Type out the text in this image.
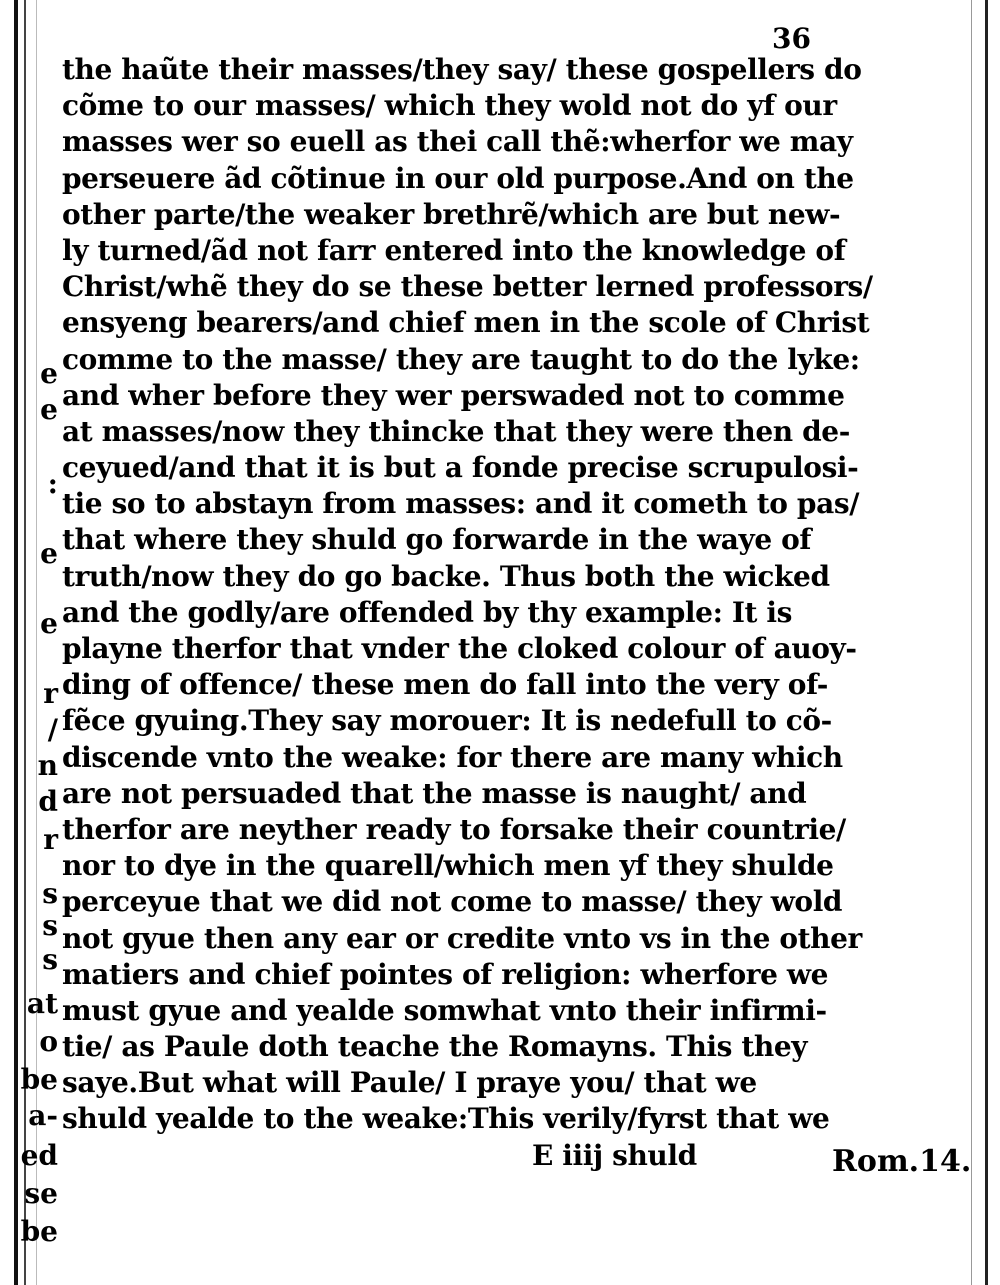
e
e
:
e
e
r
/
n
d
r
s
s
s
at
o
be
a-
ed
se
be
36
the haũte their masses/they say/ these gospellers do
cõme to our masses/ which they wold not do yf our
masses wer so euell as thei call thẽ:wherfor we may
perseuere ãd cõtinue in our old purpose.And on the
other parte/the weaker brethrẽ/which are but new-
ly turned/ãd not farr entered into the knowledge of
Christ/whẽ they do se these better lerned professors/
ensyeng bearers/and chief men in the scole of Christ
comme to the masse/ they are taught to do the lyke:
and wher before they wer perswaded not to comme
at masses/now they thincke that they were then de-
ceyued/and that it is but a fonde precise scrupulosi-
tie so to abstayn from masses: and it cometh to pas/
that where they shuld go forwarde in the waye of
truth/now they do go backe. Thus both the wicked
and the godly/are offended by thy example: It is
playne therfor that vnder the cloked colour of auoy-
ding of offence/ these men do fall into the very of-
fẽce gyuing.They say morouer: It is nedefull to cõ-
discende vnto the weake: for there are many which
are not persuaded that the masse is naught/ and
therfor are neyther ready to forsake their countrie/
nor to dye in the quarell/which men yf they shulde
perceyue that we did not come to masse/ they wold
not gyue then any ear or credite vnto vs in the other
matiers and chief pointes of religion: wherfore we
must gyue and yealde somwhat vnto their infirmi-
tie/ as Paule doth teache the Romayns. This they
saye.But what will Paule/ I praye you/ that we
shuld yealde to the weake:This verily/fyrst that we
E iiij shuld	Rom.14.
